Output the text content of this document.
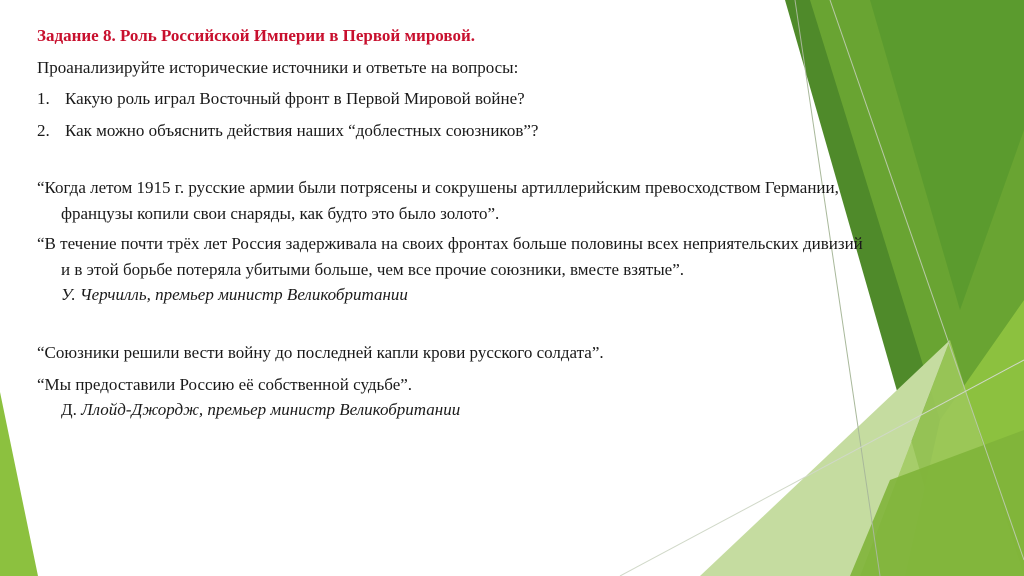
Задание 8. Роль Российской Империи в Первой мировой.
Проанализируйте исторические источники и ответьте на вопросы:
1. Какую роль играл Восточный фронт в Первой Мировой войне?
2. Как можно объяснить действия наших “доблестных союзников”?
“Когда летом 1915 г. русские армии были потрясены и сокрушены артиллерийским превосходством Германии,
французы копили свои снаряды, как будто это было золото”.
“В течение почти трёх лет Россия задерживала на своих фронтах больше половины всех неприятельских дивизий
и в этой борьбе потеряла убитыми больше, чем все прочие союзники, вместе взятые”.
У. Черчилль, премьер министр Великобритании
“Союзники решили вести войну до последней капли крови русского солдата”.
“Мы предоставили Россию её собственной судьбе”.
Д. Ллойд-Джордж, премьер министр Великобритании
